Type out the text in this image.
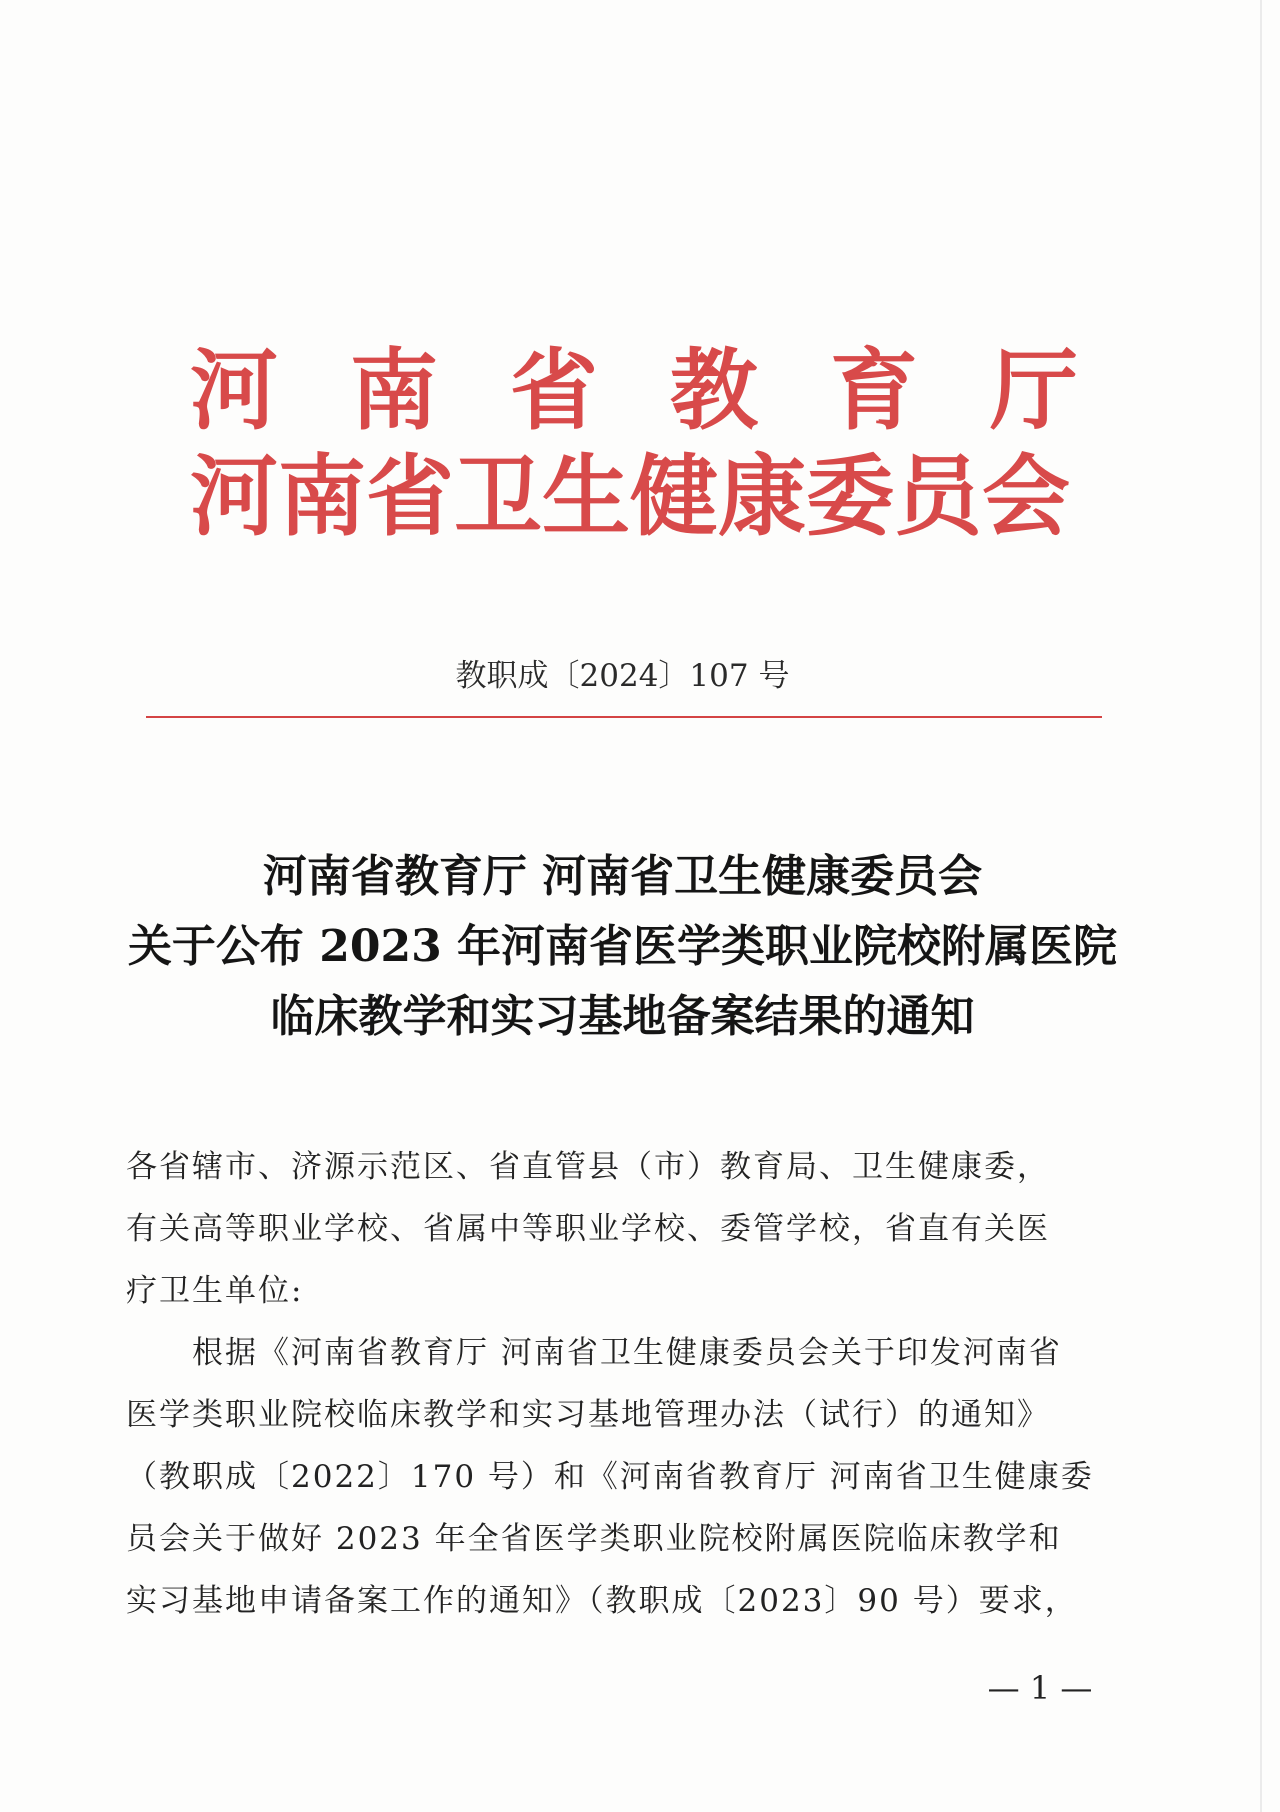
河南省教育厅
河南省卫生健康委员会
教职成〔2024〕107 号
河南省教育厅 河南省卫生健康委员会
关于公布 2023 年河南省医学类职业院校附属医院
临床教学和实习基地备案结果的通知
各省辖市、济源示范区、省直管县（市）教育局、卫生健康委，
有关高等职业学校、省属中等职业学校、委管学校，省直有关医
疗卫生单位:
　　根据《河南省教育厅 河南省卫生健康委员会关于印发河南省
医学类职业院校临床教学和实习基地管理办法（试行）的通知》
（教职成〔2022〕170 号）和《河南省教育厅 河南省卫生健康委
员会关于做好 2023 年全省医学类职业院校附属医院临床教学和
实习基地申请备案工作的通知》（教职成〔2023〕90 号）要求，
— 1 —
